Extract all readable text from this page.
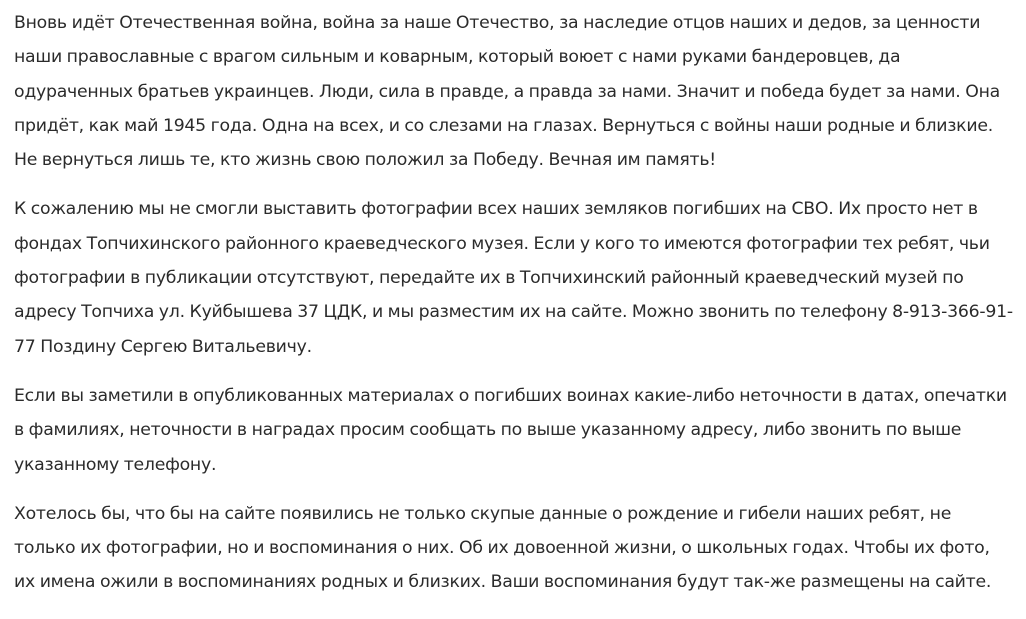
Вновь идёт Отечественная война, война за наше Отечество, за наследие отцов наших и дедов, за ценности наши православные с врагом сильным и коварным, который воюет с нами руками бандеровцев, да одураченных братьев украинцев. Люди, сила в правде, а правда за нами. Значит и победа будет за нами. Она придёт, как май 1945 года. Одна на всех, и со слезами на глазах. Вернуться с войны наши родные и близкие. Не вернуться лишь те, кто жизнь свою положил за Победу. Вечная им память!

К сожалению мы не смогли выставить фотографии всех наших земляков погибших на СВО. Их просто нет в фондах Топчихинского районного краеведческого музея. Если у кого то имеются фотографии тех ребят, чьи фотографии в публикации отсутствуют, передайте их в Топчихинский районный краеведческий музей по адресу Топчиха ул. Куйбышева 37 ЦДК, и мы разместим их на сайте. Можно звонить по телефону 8-913-366-91-77 Поздину Сергею Витальевичу.

Если вы заметили в опубликованных материалах о погибших воинах какие-либо неточности в датах, опечатки в фамилиях, неточности в наградах просим сообщать по выше указанному адресу, либо звонить по выше указанному телефону.

Хотелось бы, что бы на сайте появились не только скупые данные о рождение и гибели наших ребят, не только их фотографии, но и воспоминания о них. Об их довоенной жизни, о школьных годах. Чтобы их фото, их имена ожили в воспоминаниях родных и близких. Ваши воспоминания будут так-же размещены на сайте.
